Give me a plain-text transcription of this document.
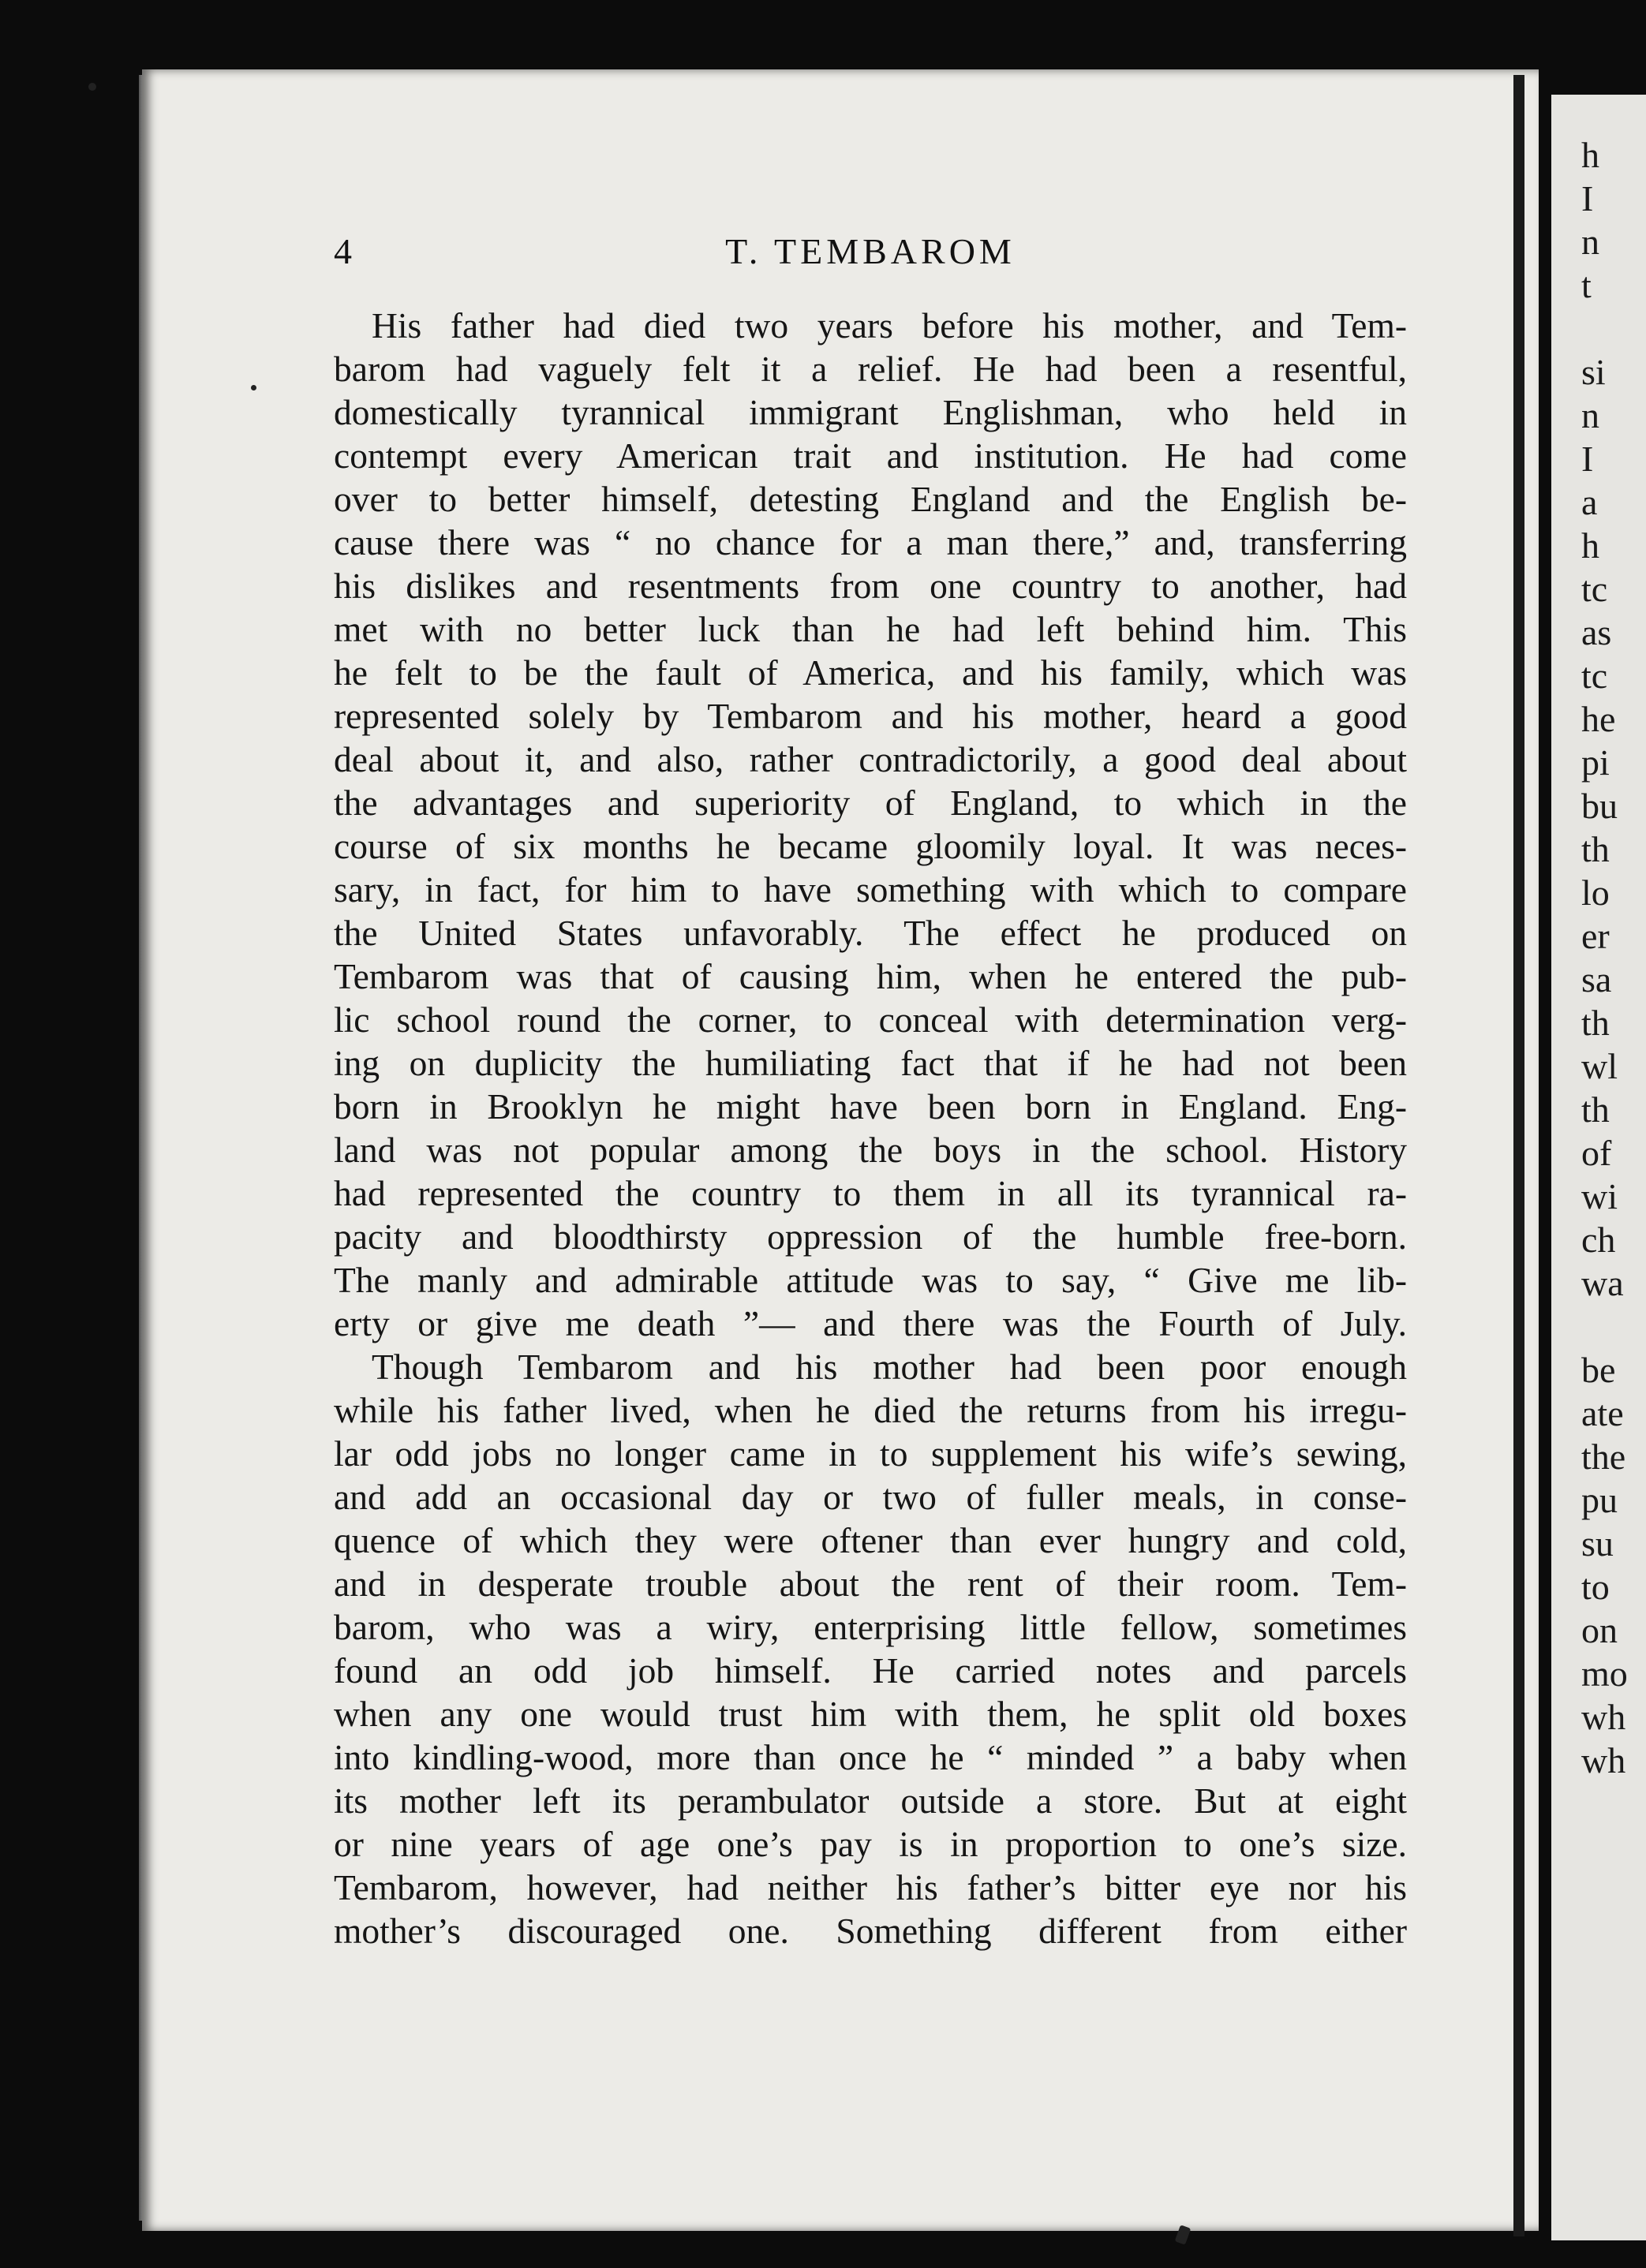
h
I
n
t
si
n
I
a
h
tc
as
tc
he
pi
bu
th
lo
er
sa
th
wl
th
of
wi
ch
wa
be
ate
the
pu
su
to
on
mo
wh
wh
4	T. TEMBAROM

His father had died two years before his mother, and Tem-
barom had vaguely felt it a relief. He had been a resentful,
domestically tyrannical immigrant Englishman, who held in
contempt every American trait and institution. He had come
over to better himself, detesting England and the English be-
cause there was “ no chance for a man there,” and, transferring
his dislikes and resentments from one country to another, had
met with no better luck than he had left behind him. This
he felt to be the fault of America, and his family, which was
represented solely by Tembarom and his mother, heard a good
deal about it, and also, rather contradictorily, a good deal about
the advantages and superiority of England, to which in the
course of six months he became gloomily loyal. It was neces-
sary, in fact, for him to have something with which to compare
the United States unfavorably. The effect he produced on
Tembarom was that of causing him, when he entered the pub-
lic school round the corner, to conceal with determination verg-
ing on duplicity the humiliating fact that if he had not been
born in Brooklyn he might have been born in England. Eng-
land was not popular among the boys in the school. History
had represented the country to them in all its tyrannical ra-
pacity and bloodthirsty oppression of the humble free-born.
The manly and admirable attitude was to say, “ Give me lib-
erty or give me death ”— and there was the Fourth of July.

Though Tembarom and his mother had been poor enough
while his father lived, when he died the returns from his irregu-
lar odd jobs no longer came in to supplement his wife’s sewing,
and add an occasional day or two of fuller meals, in conse-
quence of which they were oftener than ever hungry and cold,
and in desperate trouble about the rent of their room. Tem-
barom, who was a wiry, enterprising little fellow, sometimes
found an odd job himself. He carried notes and parcels
when any one would trust him with them, he split old boxes
into kindling-wood, more than once he “ minded ” a baby when
its mother left its perambulator outside a store. But at eight
or nine years of age one’s pay is in proportion to one’s size.
Tembarom, however, had neither his father’s bitter eye nor his
mother’s discouraged one. Something different from either
